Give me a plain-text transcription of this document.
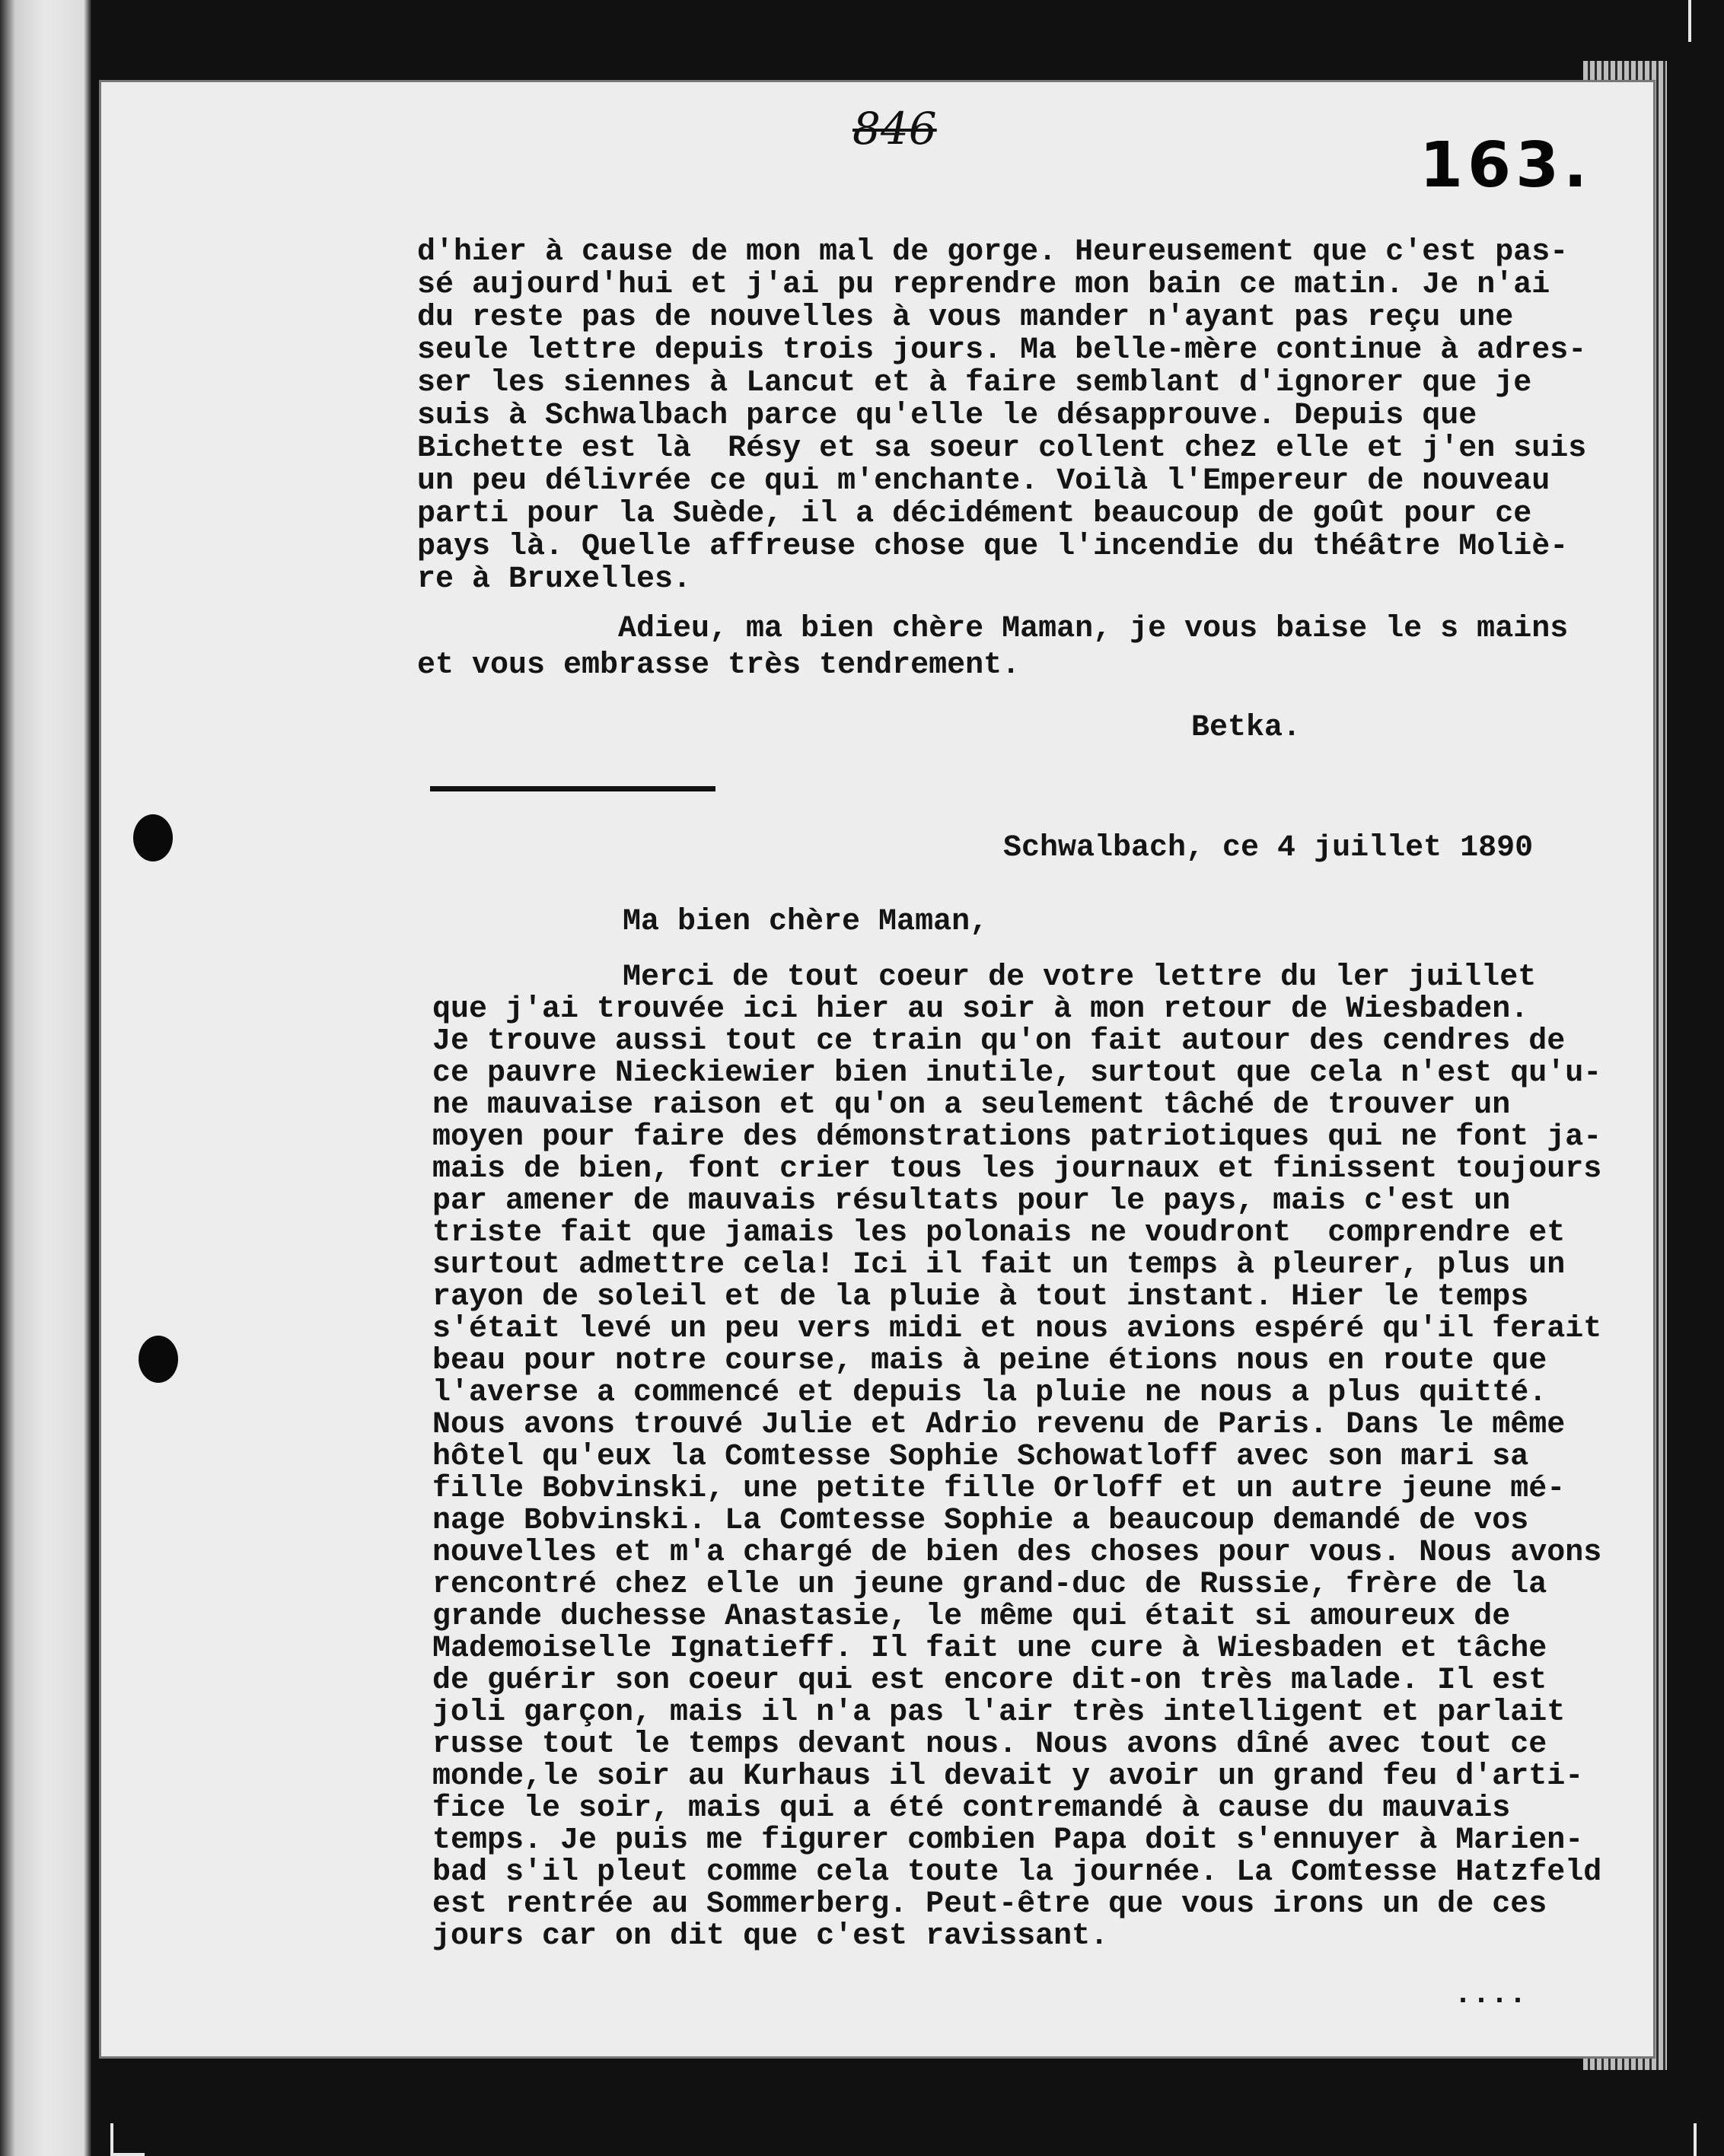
846
163.
d'hier à cause de mon mal de gorge. Heureusement que c'est pas-
sé aujourd'hui et j'ai pu reprendre mon bain ce matin. Je n'ai
du reste pas de nouvelles à vous mander n'ayant pas reçu une
seule lettre depuis trois jours. Ma belle-mère continue à adres-
ser les siennes à Lancut et à faire semblant d'ignorer que je
suis à Schwalbach parce qu'elle le désapprouve. Depuis que
Bichette est là  Résy et sa soeur collent chez elle et j'en suis
un peu délivrée ce qui m'enchante. Voilà l'Empereur de nouveau
parti pour la Suède, il a décidément beaucoup de goût pour ce
pays là. Quelle affreuse chose que l'incendie du théâtre Moliè-
re à Bruxelles.
Adieu, ma bien chère Maman, je vous baise le s mains
et vous embrasse très tendrement.
Betka.
Schwalbach, ce 4 juillet 1890
Ma bien chère Maman,
Merci de tout coeur de votre lettre du ler juillet
que j'ai trouvée ici hier au soir à mon retour de Wiesbaden.
Je trouve aussi tout ce train qu'on fait autour des cendres de
ce pauvre Nieckiewier bien inutile, surtout que cela n'est qu'u-
ne mauvaise raison et qu'on a seulement tâché de trouver un
moyen pour faire des démonstrations patriotiques qui ne font ja-
mais de bien, font crier tous les journaux et finissent toujours
par amener de mauvais résultats pour le pays, mais c'est un
triste fait que jamais les polonais ne voudront  comprendre et
surtout admettre cela! Ici il fait un temps à pleurer, plus un
rayon de soleil et de la pluie à tout instant. Hier le temps
s'était levé un peu vers midi et nous avions espéré qu'il ferait
beau pour notre course, mais à peine étions nous en route que
l'averse a commencé et depuis la pluie ne nous a plus quitté.
Nous avons trouvé Julie et Adrio revenu de Paris. Dans le même
hôtel qu'eux la Comtesse Sophie Schowatloff avec son mari sa
fille Bobvinski, une petite fille Orloff et un autre jeune mé-
nage Bobvinski. La Comtesse Sophie a beaucoup demandé de vos
nouvelles et m'a chargé de bien des choses pour vous. Nous avons
rencontré chez elle un jeune grand-duc de Russie, frère de la
grande duchesse Anastasie, le même qui était si amoureux de
Mademoiselle Ignatieff. Il fait une cure à Wiesbaden et tâche
de guérir son coeur qui est encore dit-on très malade. Il est
joli garçon, mais il n'a pas l'air très intelligent et parlait
russe tout le temps devant nous. Nous avons dîné avec tout ce
monde,le soir au Kurhaus il devait y avoir un grand feu d'arti-
fice le soir, mais qui a été contremandé à cause du mauvais
temps. Je puis me figurer combien Papa doit s'ennuyer à Marien-
bad s'il pleut comme cela toute la journée. La Comtesse Hatzfeld
est rentrée au Sommerberg. Peut-être que vous irons un de ces
jours car on dit que c'est ravissant.
....
